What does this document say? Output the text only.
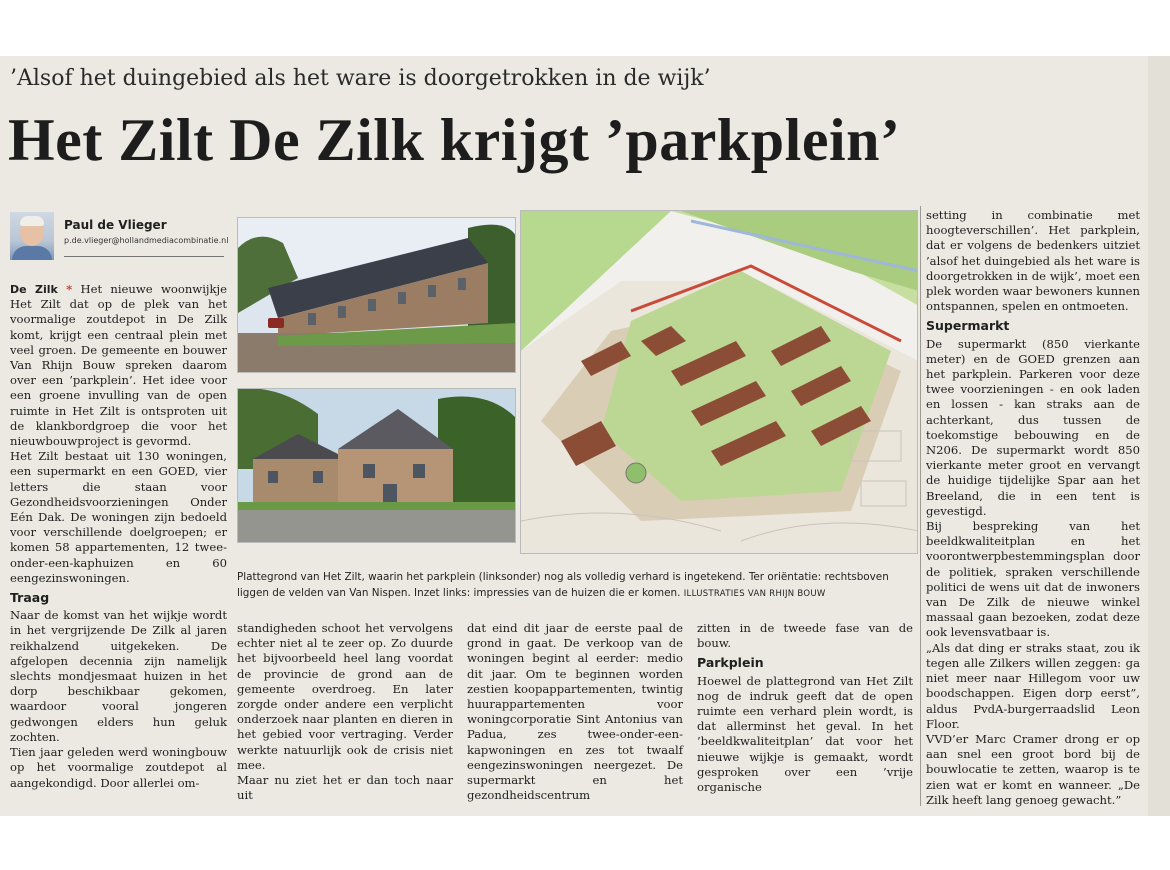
’Alsof het duingebied als het ware is doorgetrokken in de wijk’
Het Zilt De Zilk krijgt ’parkplein’
Paul de Vlieger
p.de.vlieger@hollandmediacombinatie.nl

De Zilk * Het nieuwe woonwijkje Het Zilt dat op de plek van het voormalige zoutdepot in De Zilk komt, krijgt een centraal plein met veel groen. De gemeente en bouwer Van Rhijn Bouw spreken daarom over een ’parkplein’. Het idee voor een groene invulling van de open ruimte in Het Zilt is ontsproten uit de klankbordgroep die voor het nieuwbouwproject is gevormd.

Het Zilt bestaat uit 130 woningen, een supermarkt en een GOED, vier letters die staan voor Gezondheidsvoorzieningen Onder Eén Dak. De woningen zijn bedoeld voor verschillende doelgroepen; er komen 58 appartementen, 12 twee-onder-een-kaphuizen en 60 eengezinswoningen.

Traag

Naar de komst van het wijkje wordt in het vergrijzende De Zilk al jaren reikhalzend uitgekeken. De afgelopen decennia zijn namelijk slechts mondjesmaat huizen in het dorp beschikbaar gekomen, waardoor vooral jongeren gedwongen elders hun geluk zochten.

Tien jaar geleden werd woningbouw op het voormalige zoutdepot al aangekondigd. Door allerlei om-

Plattegrond van Het Zilt, waarin het parkplein (linksonder) nog als volledig verhard is ingetekend. Ter oriëntatie: rechtsboven liggen de velden van Van Nispen. Inzet links: impressies van de huizen die er komen. ILLUSTRATIES VAN RHIJN BOUW

standigheden schoot het vervolgens echter niet al te zeer op. Zo duurde het bijvoorbeeld heel lang voordat de provincie de grond aan de gemeente overdroeg. En later zorgde onder andere een verplicht onderzoek naar planten en dieren in het gebied voor vertraging. Verder werkte natuurlijk ook de crisis niet mee.

Maar nu ziet het er dan toch naar uit

dat eind dit jaar de eerste paal de grond in gaat. De verkoop van de woningen begint al eerder: medio dit jaar. Om te beginnen worden zestien koopappartementen, twintig huurappartementen voor woningcorporatie Sint Antonius van Padua, zes twee-onder-een-kapwoningen en zes tot twaalf eengezinswoningen neergezet. De supermarkt en het gezondheidscentrum

zitten in de tweede fase van de bouw.

Parkplein

Hoewel de plattegrond van Het Zilt nog de indruk geeft dat de open ruimte een verhard plein wordt, is dat allerminst het geval. In het ’beeldkwaliteitplan’ dat voor het nieuwe wijkje is gemaakt, wordt gesproken over een ’vrije organische

setting in combinatie met hoogteverschillen’. Het parkplein, dat er volgens de bedenkers uitziet ’alsof het duingebied als het ware is doorgetrokken in de wijk’, moet een plek worden waar bewoners kunnen ontspannen, spelen en ontmoeten.

Supermarkt

De supermarkt (850 vierkante meter) en de GOED grenzen aan het parkplein. Parkeren voor deze twee voorzieningen - en ook laden en lossen - kan straks aan de achterkant, dus tussen de toekomstige bebouwing en de N206. De supermarkt wordt 850 vierkante meter groot en vervangt de huidige tijdelijke Spar aan het Breeland, die in een tent is gevestigd.

Bij bespreking van het beeldkwaliteitplan en het voorontwerpbestemmingsplan door de politiek, spraken verschillende politici de wens uit dat de inwoners van De Zilk de nieuwe winkel massaal gaan bezoeken, zodat deze ook levensvatbaar is.

„Als dat ding er straks staat, zou ik tegen alle Zilkers willen zeggen: ga niet meer naar Hillegom voor uw boodschappen. Eigen dorp eerst”, aldus PvdA-burgerraadslid Leon Floor.

VVD’er Marc Cramer drong er op aan snel een groot bord bij de bouwlocatie te zetten, waarop is te zien wat er komt en wanneer. „De Zilk heeft lang genoeg gewacht.”
